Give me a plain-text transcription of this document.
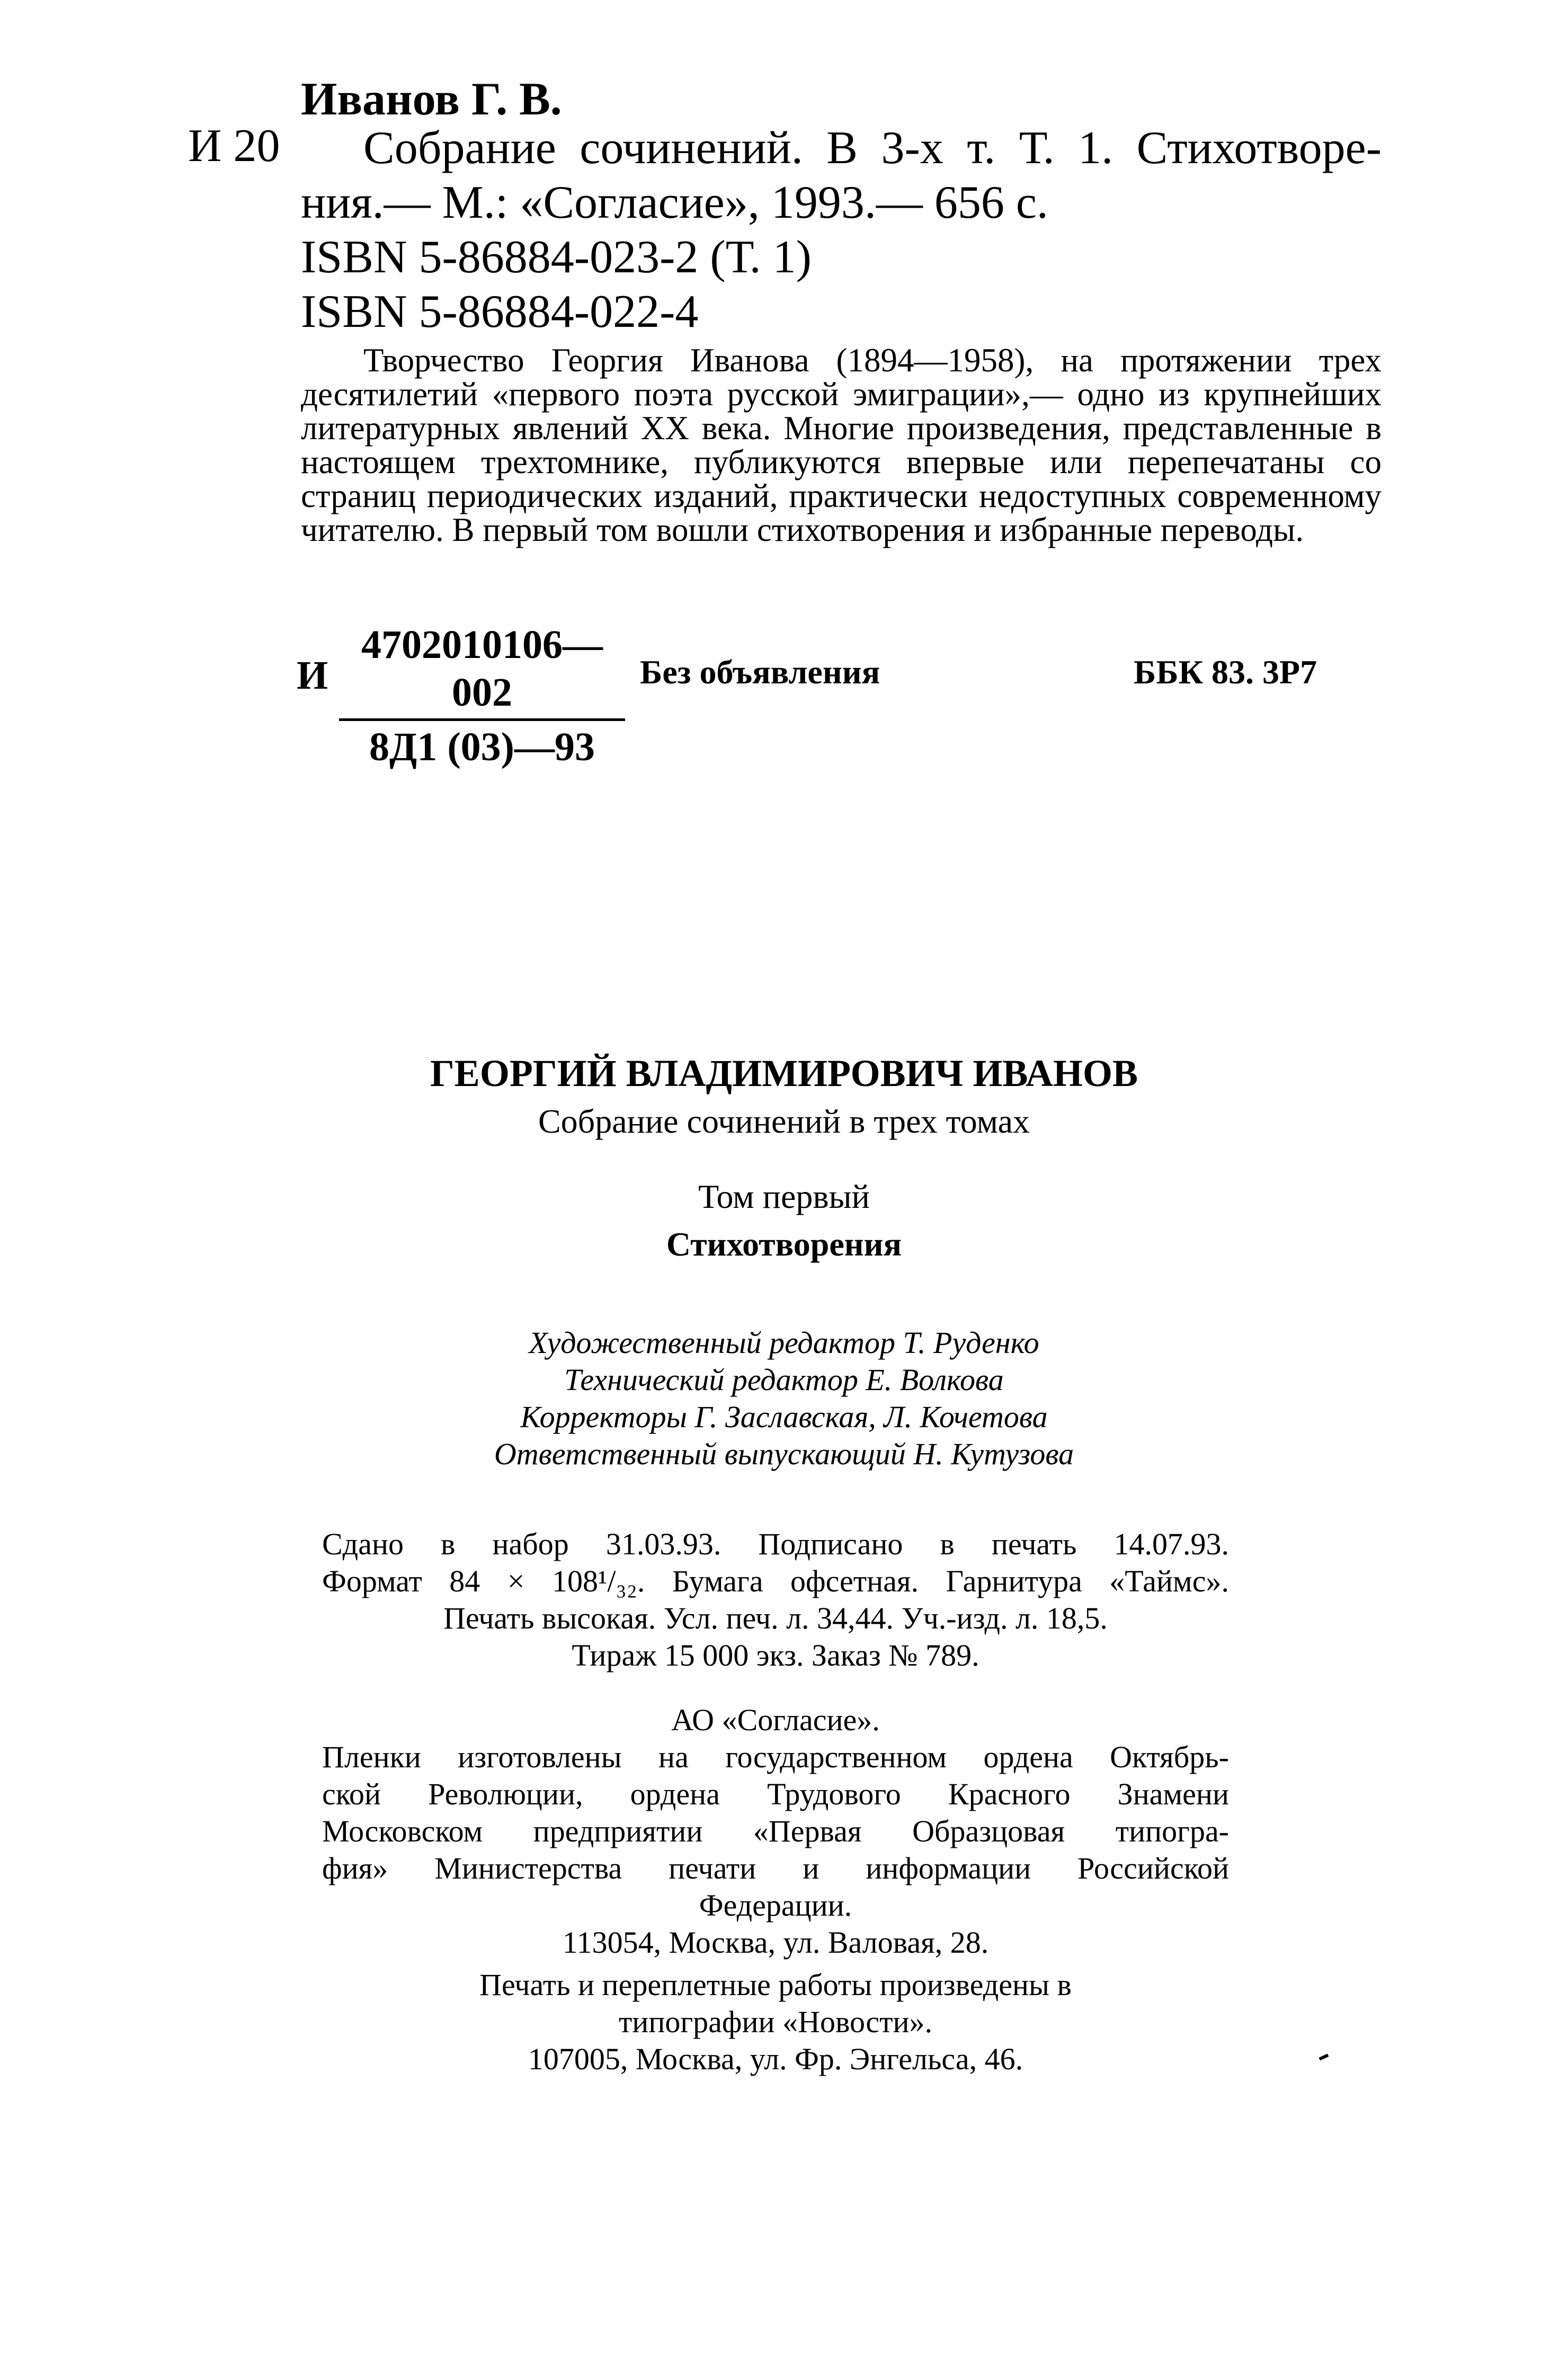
Иванов Г. В.
И 20	Собрание сочинений. В 3-х т. Т. 1. Стихотворе-
ния.— М.: «Согласие», 1993.— 656 с.
ISBN 5-86884-023-2 (Т. 1)
ISBN 5-86884-022-4
Творчество Георгия Иванова (1894—1958), на протяжении трех десятилетий «первого поэта русской эмиграции»,— одно из крупнейших литературных явлений XX века. Многие произведения, представленные в настоящем трехтомнике, публикуются впервые или перепечатаны со страниц периодических изданий, практически недоступных современному читателю. В первый том вошли стихотворения и избранные переводы.
И
4702010106—002
8Д1 (03)—93
Без объявления	ББК 83. 3Р7
ГЕОРГИЙ ВЛАДИМИРОВИЧ ИВАНОВ
Собрание сочинений в трех томах
Том первый
Стихотворения
Художественный редактор Т. Руденко
Технический редактор Е. Волкова
Корректоры Г. Заславская, Л. Кочетова
Ответственный выпускающий Н. Кутузова
Сдано в набор 31.03.93. Подписано в печать 14.07.93.
Формат 84 × 108¹/₃₂. Бумага офсетная. Гарнитура «Таймс».
Печать высокая. Усл. печ. л. 34,44. Уч.-изд. л. 18,5.
Тираж 15 000 экз. Заказ № 789.
АО «Согласие».
Пленки изготовлены на государственном ордена Октябрь-
ской Революции, ордена Трудового Красного Знамени
Московском предприятии «Первая Образцовая типогра-
фия» Министерства печати и информации Российской
Федерации.
113054, Москва, ул. Валовая, 28.
Печать и переплетные работы произведены в
типографии «Новости».
107005, Москва, ул. Фр. Энгельса, 46.
